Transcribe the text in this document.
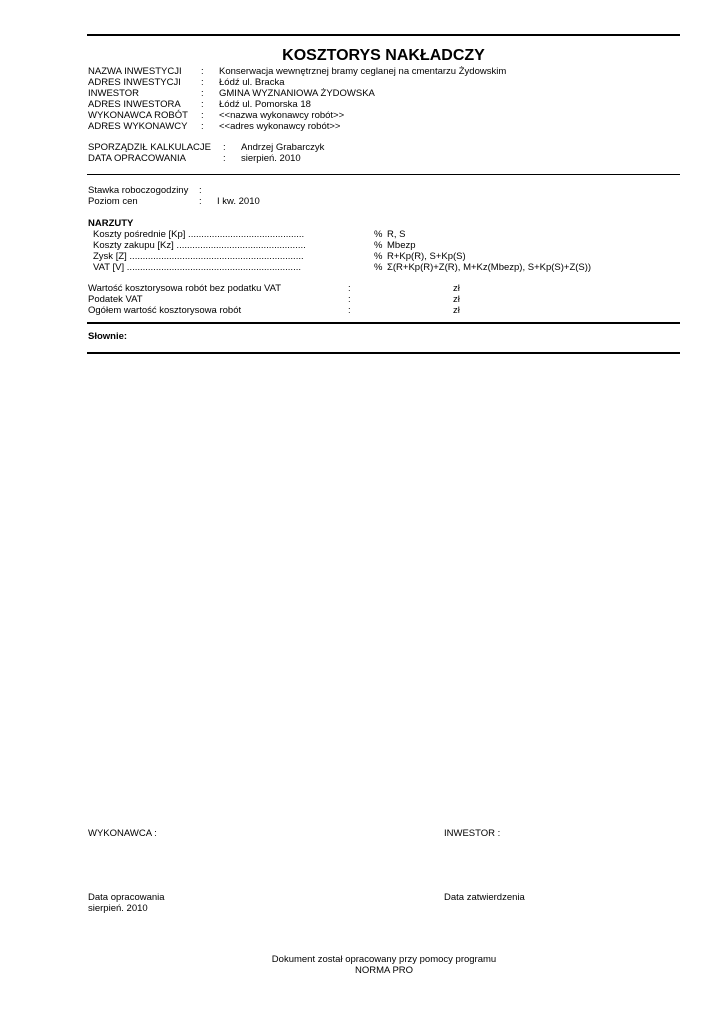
KOSZTORYS NAKŁADCZY
NAZWA INWESTYCJI : Konserwacja wewnętrznej bramy ceglanej na cmentarzu Żydowskim
ADRES INWESTYCJI : Łódź ul. Bracka
INWESTOR	: GMINA WYZNANIOWA ŻYDOWSKA
ADRES INWESTORA : Łódź ul. Pomorska 18
WYKONAWCA ROBÓT : <<nazwa wykonawcy robót>>
ADRES WYKONAWCY : <<adres wykonawcy robót>>
SPORZĄDZIŁ KALKULACJE : Andrzej Grabarczyk
DATA OPRACOWANIA	: sierpień. 2010
Stawka roboczogodziny :
Poziom cen	: I kw. 2010
NARZUTY
Koszty pośrednie [Kp] ............................................	% R, S
Koszty zakupu [Kz] .................................................	% Mbezp
Zysk [Z] ..................................................................	% R+Kp(R), S+Kp(S)
VAT [V] ..................................................................	% Σ(R+Kp(R)+Z(R), M+Kz(Mbezp), S+Kp(S)+Z(S))
Wartość kosztorysowa robót bez podatku VAT	:	zł
Podatek VAT	:	zł
Ogółem wartość kosztorysowa robót	:	zł
Słownie:
WYKONAWCA :	INWESTOR :
Data opracowania
sierpień. 2010
Data zatwierdzenia
Dokument został opracowany przy pomocy programu
NORMA PRO
